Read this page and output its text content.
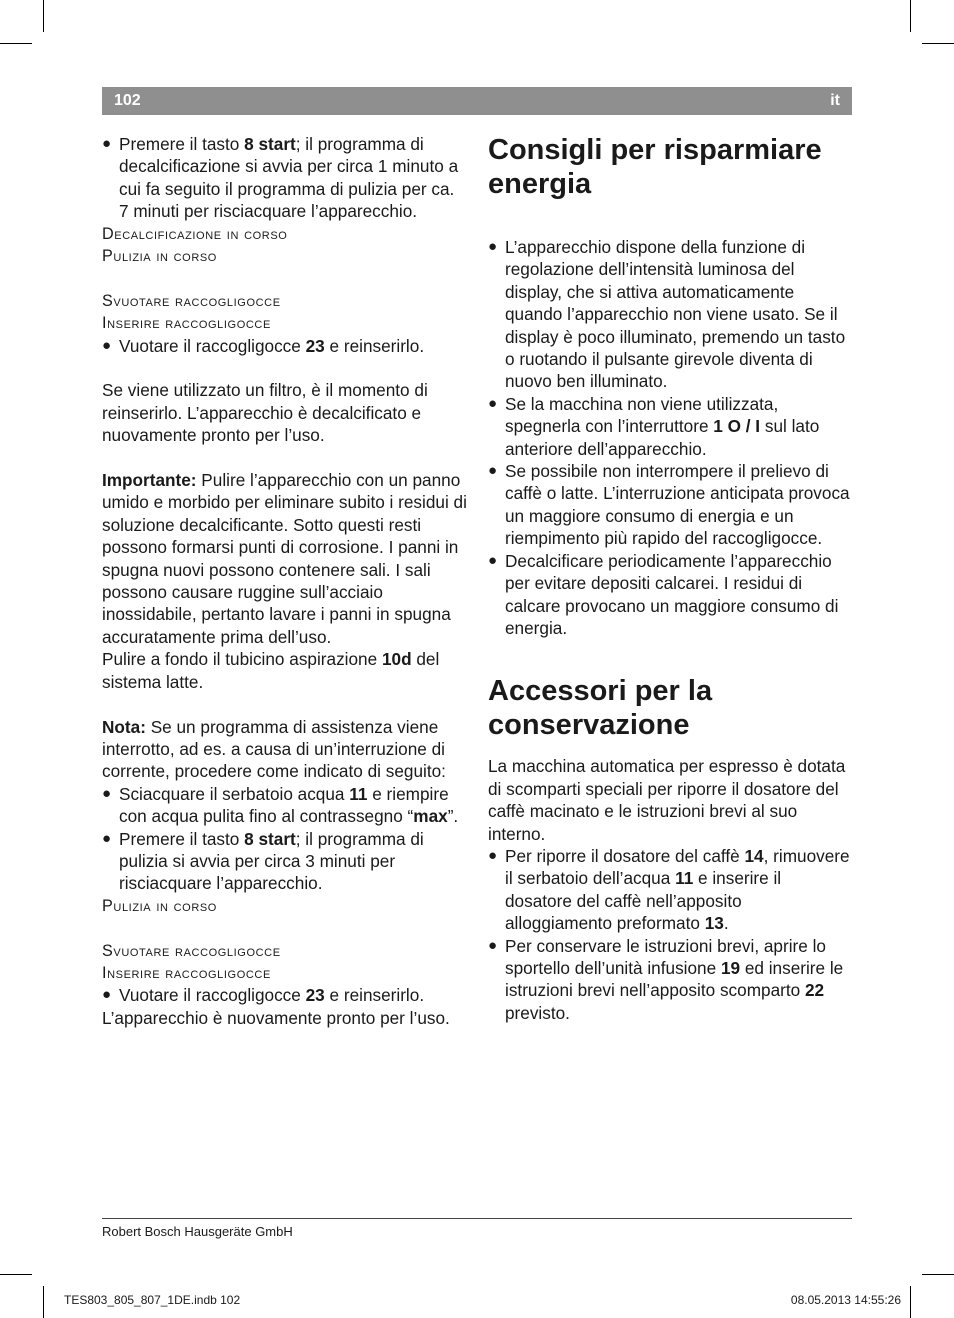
102	it

● Premere il tasto 8 start; il programma di decalcificazione si avvia per circa 1 minuto a cui fa seguito il programma di pulizia per ca. 7 minuti per risciacquare l’apparecchio.

Decalcificazione in corso

Pulizia in corso

Svuotare raccogligocce

Inserire raccogligocce

● Vuotare il raccogligocce 23 e reinserirlo.

Se viene utilizzato un filtro, è il momento di reinserirlo. L’apparecchio è decalcificato e nuovamente pronto per l’uso.

Importante: Pulire l’apparecchio con un panno umido e morbido per eliminare subito i residui di soluzione decalcificante. Sotto questi resti possono formarsi punti di corrosione. I panni in spugna nuovi possono contenere sali. I sali possono causare ruggine sull’acciaio inossidabile, pertanto lavare i panni in spugna accuratamente prima dell’uso.

Pulire a fondo il tubicino aspirazione 10d del sistema latte.

Nota: Se un programma di assistenza viene interrotto, ad es. a causa di un’interruzione di corrente, procedere come indicato di seguito:

● Sciacquare il serbatoio acqua 11 e riempire con acqua pulita fino al contrassegno “max”.

● Premere il tasto 8 start; il programma di pulizia si avvia per circa 3 minuti per risciacquare l’apparecchio.

Pulizia in corso

Svuotare raccogligocce

Inserire raccogligocce

● Vuotare il raccogligocce 23 e reinserirlo.

L’apparecchio è nuovamente pronto per l’uso.

Consigli per risparmiare energia

● L’apparecchio dispone della funzione di regolazione dell’intensità luminosa del display, che si attiva automaticamente quando l’apparecchio non viene usato. Se il display è poco illuminato, premendo un tasto o ruotando il pulsante girevole diventa di nuovo ben illuminato.

● Se la macchina non viene utilizzata, spegnerla con l’interruttore 1 O / I sul lato anteriore dell’apparecchio.

● Se possibile non interrompere il prelievo di caffè o latte. L’interruzione anticipata provoca un maggiore consumo di energia e un riempimento più rapido del raccogligocce.

● Decalcificare periodicamente l’apparecchio per evitare depositi calcarei. I residui di calcare provocano un maggiore consumo di energia.

Accessori per la conservazione

La macchina automatica per espresso è dotata di scomparti speciali per riporre il dosatore del caffè macinato e le istruzioni brevi al suo interno.

● Per riporre il dosatore del caffè 14, rimuovere il serbatoio dell’acqua 11 e inserire il dosatore del caffè nell’apposito alloggiamento preformato 13.

● Per conservare le istruzioni brevi, aprire lo sportello dell’unità infusione 19 ed inserire le istruzioni brevi nell’apposito scomparto 22 previsto.

Robert Bosch Hausgeräte GmbH
TES803_805_807_1DE.indb 102	08.05.2013 14:55:26
